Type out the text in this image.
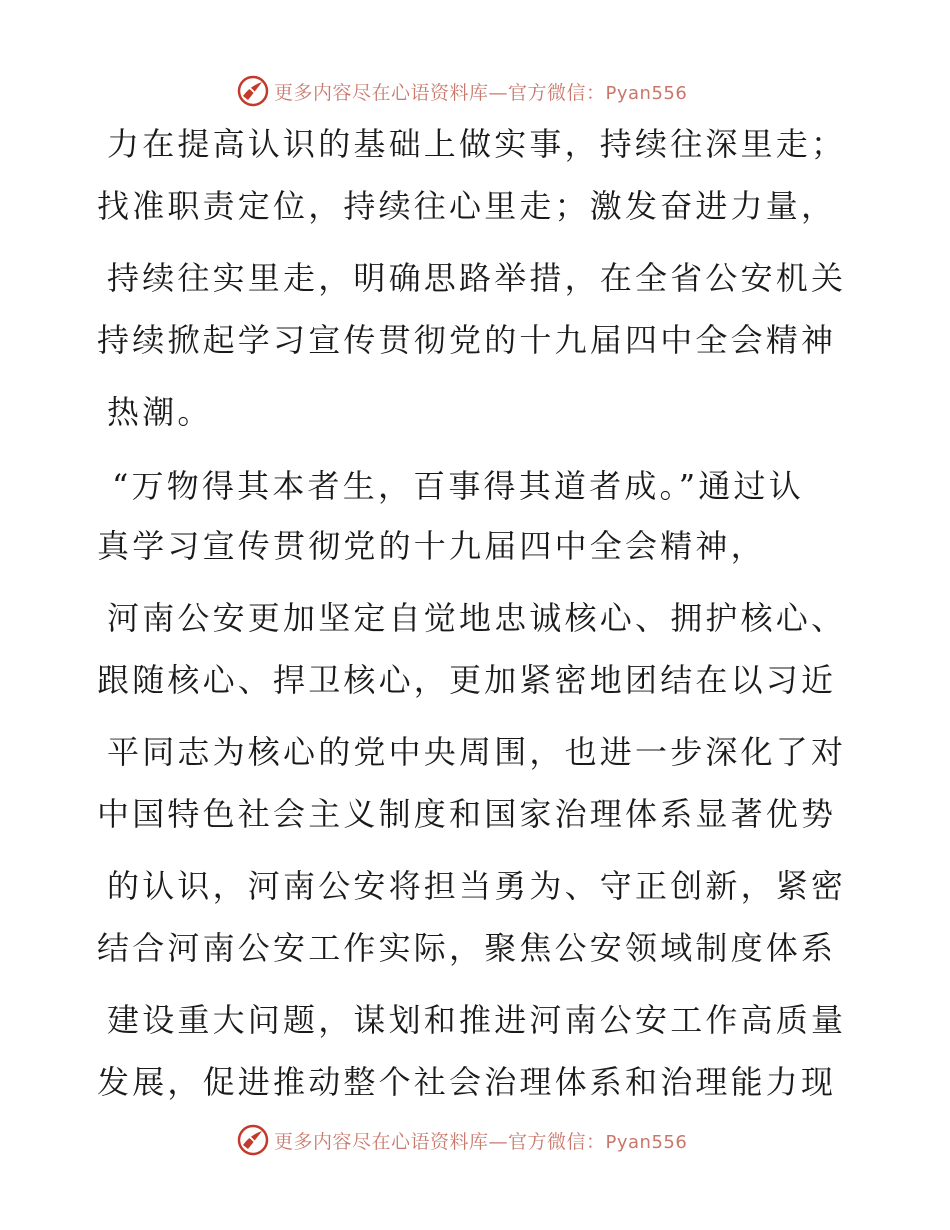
更多内容尽在心语资料库—官方微信：Pyan556
力在提高认识的基础上做实事，持续往深里走；
找准职责定位，持续往心里走；激发奋进力量，
持续往实里走，明确思路举措，在全省公安机关
持续掀起学习宣传贯彻党的十九届四中全会精神
热潮。
“万物得其本者生，百事得其道者成。”通过认
真学习宣传贯彻党的十九届四中全会精神，
河南公安更加坚定自觉地忠诚核心、拥护核心、
跟随核心、捍卫核心，更加紧密地团结在以习近
平同志为核心的党中央周围，也进一步深化了对
中国特色社会主义制度和国家治理体系显著优势
的认识，河南公安将担当勇为、守正创新，紧密
结合河南公安工作实际，聚焦公安领域制度体系
建设重大问题，谋划和推进河南公安工作高质量
发展，促进推动整个社会治理体系和治理能力现
更多内容尽在心语资料库—官方微信：Pyan556
